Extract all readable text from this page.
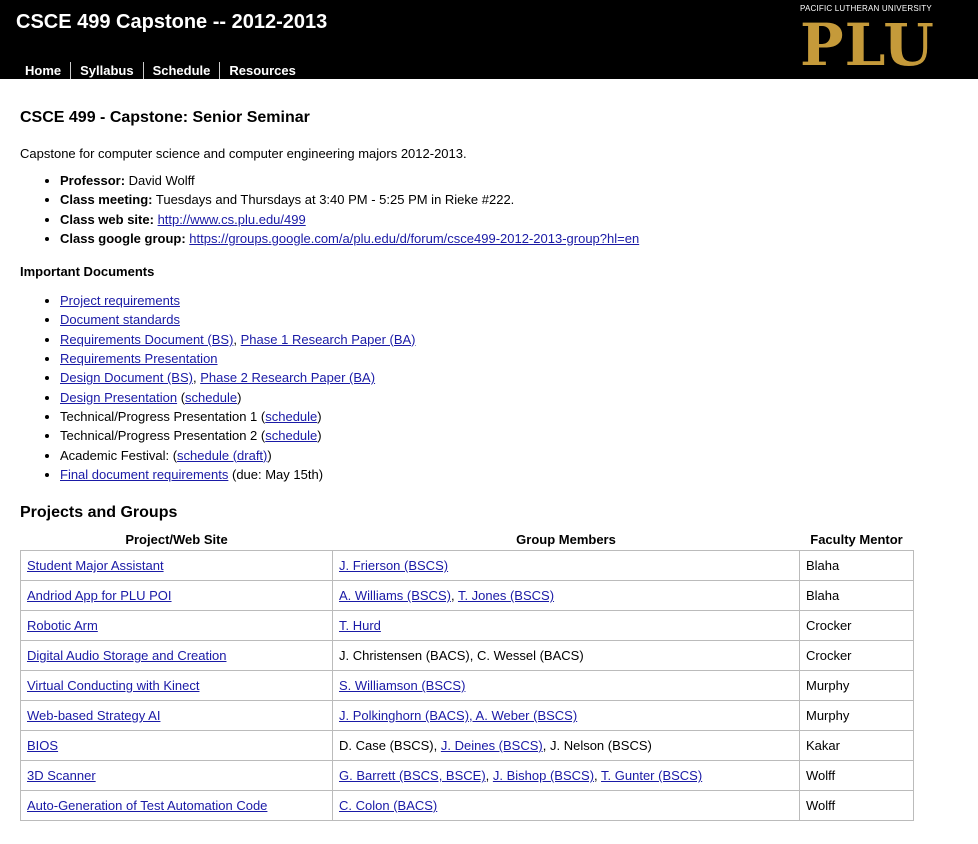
CSCE 499 Capstone -- 2012-2013
Home	Syllabus	Schedule	Resources
PACIFIC LUTHERAN UNIVERSITY
PLU
CSCE 499 - Capstone: Senior Seminar

Capstone for computer science and computer engineering majors 2012-2013.

• Professor: David Wolff
• Class meeting: Tuesdays and Thursdays at 3:40 PM - 5:25 PM in Rieke #222.
• Class web site: http://www.cs.plu.edu/499
• Class google group: https://groups.google.com/a/plu.edu/d/forum/csce499-2012-2013-group?hl=en
Important Documents
• Project requirements
• Document standards
• Requirements Document (BS), Phase 1 Research Paper (BA)
• Requirements Presentation
• Design Document (BS), Phase 2 Research Paper (BA)
• Design Presentation (schedule)
• Technical/Progress Presentation 1 (schedule)
• Technical/Progress Presentation 2 (schedule)
• Academic Festival: (schedule (draft))
• Final document requirements (due: May 15th)
Projects and Groups
Project/Web Site	Group Members	Faculty Mentor
Student Major Assistant	J. Frierson (BSCS)	Blaha
Andriod App for PLU POI	A. Williams (BSCS), T. Jones (BSCS)	Blaha
Robotic Arm	T. Hurd	Crocker
Digital Audio Storage and Creation	J. Christensen (BACS), C. Wessel (BACS)	Crocker
Virtual Conducting with Kinect	S. Williamson (BSCS)	Murphy
Web-based Strategy AI	J. Polkinghorn (BACS), A. Weber (BSCS)	Murphy
BIOS	D. Case (BSCS), J. Deines (BSCS), J. Nelson (BSCS)	Kakar
3D Scanner	G. Barrett (BSCS, BSCE), J. Bishop (BSCS), T. Gunter (BSCS)	Wolff
Auto-Generation of Test Automation Code	C. Colon (BACS)	Wolff
